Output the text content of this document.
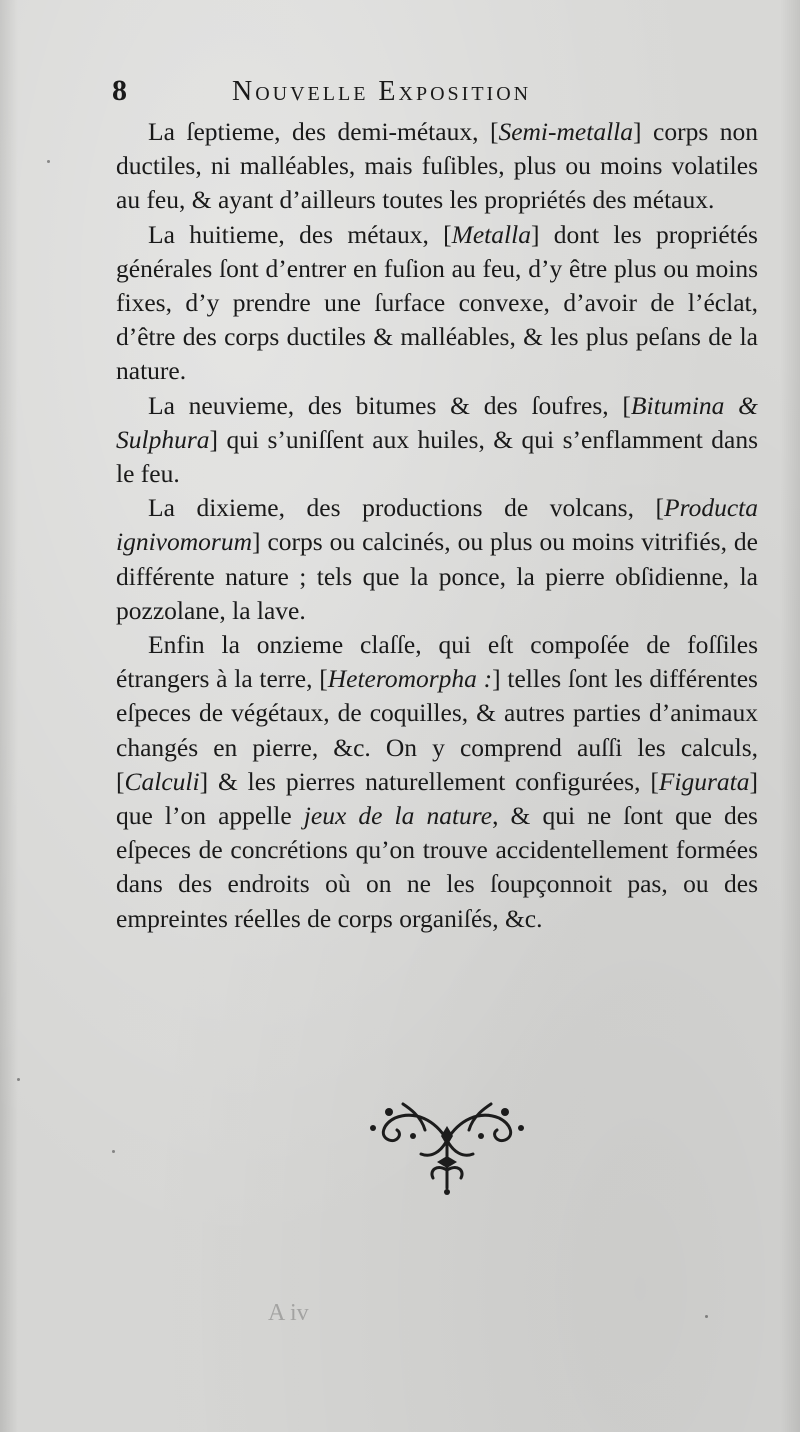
8	Nouvelle Exposition

La ſeptieme, des demi-métaux, [Semi-metalla] corps non ductiles, ni malléables, mais fuſibles, plus ou moins volatiles au feu, & ayant d’ailleurs toutes les propriétés des métaux.

La huitieme, des métaux, [Metalla] dont les propriétés générales ſont d’entrer en fuſion au feu, d’y être plus ou moins fixes, d’y prendre une ſurface convexe, d’avoir de l’éclat, d’être des corps ductiles & malléables, & les plus peſans de la nature.

La neuvieme, des bitumes & des ſoufres, [Bitumina & Sulphura] qui s’uniſſent aux huiles, & qui s’enflamment dans le feu.

La dixieme, des productions de volcans, [Producta ignivomorum] corps ou calcinés, ou plus ou moins vitrifiés, de différente nature ; tels que la ponce, la pierre obſidienne, la pozzolane, la lave.

Enfin la onzieme claſſe, qui eſt compoſée de foſſiles étrangers à la terre, [Heteromorpha :] telles ſont les différentes eſpeces de végétaux, de coquilles, & autres parties d’animaux changés en pierre, &c. On y comprend auſſi les calculs, [Calculi] & les pierres naturellement configurées, [Figurata] que l’on appelle jeux de la nature, & qui ne ſont que des eſpeces de concrétions qu’on trouve accidentellement formées dans des endroits où on ne les ſoupçonnoit pas, ou des empreintes réelles de corps organiſés, &c.

A iv
